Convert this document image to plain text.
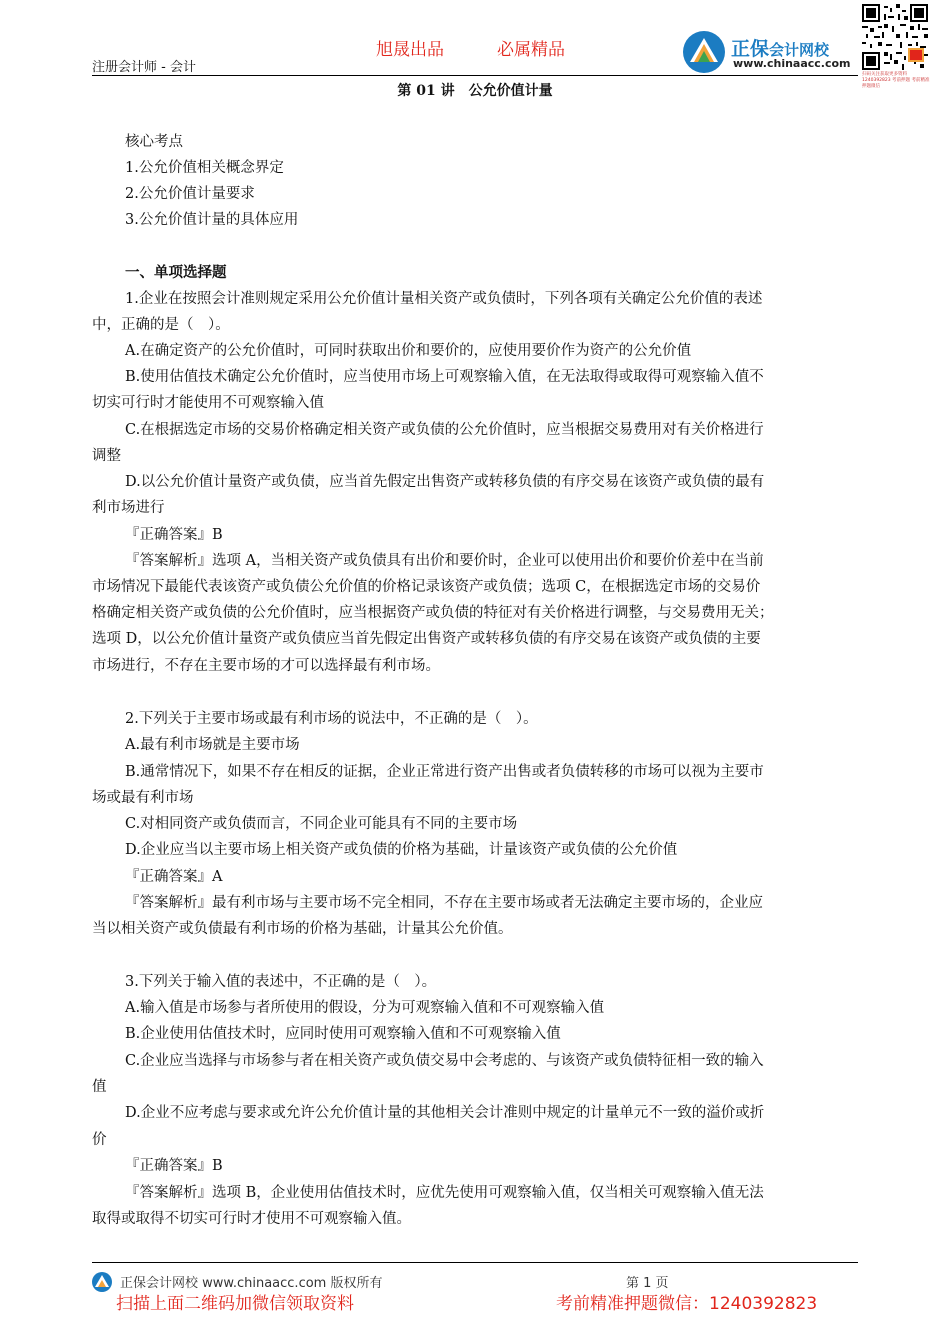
注册会计师 - 会计
旭晟出品	必属精品	正保会计网校
www.chinaacc.com
扫码关注获取更多资料 1240392823 考前押题 考前精准押题微信
第 01 讲　公允价值计量

核心考点

1.公允价值相关概念界定

2.公允价值计量要求

3.公允价值计量的具体应用

一、单项选择题

1.企业在按照会计准则规定采用公允价值计量相关资产或负债时，下列各项有关确定公允价值的表述

中，正确的是（　）。

A.在确定资产的公允价值时，可同时获取出价和要价的，应使用要价作为资产的公允价值

B.使用估值技术确定公允价值时，应当使用市场上可观察输入值，在无法取得或取得可观察输入值不

切实可行时才能使用不可观察输入值

C.在根据选定市场的交易价格确定相关资产或负债的公允价值时，应当根据交易费用对有关价格进行

调整

D.以公允价值计量资产或负债，应当首先假定出售资产或转移负债的有序交易在该资产或负债的最有

利市场进行

『正确答案』B

『答案解析』选项 A，当相关资产或负债具有出价和要价时，企业可以使用出价和要价价差中在当前

市场情况下最能代表该资产或负债公允价值的价格记录该资产或负债；选项 C，在根据选定市场的交易价

格确定相关资产或负债的公允价值时，应当根据资产或负债的特征对有关价格进行调整，与交易费用无关；

选项 D，以公允价值计量资产或负债应当首先假定出售资产或转移负债的有序交易在该资产或负债的主要

市场进行，不存在主要市场的才可以选择最有利市场。

2.下列关于主要市场或最有利市场的说法中，不正确的是（　）。

A.最有利市场就是主要市场

B.通常情况下，如果不存在相反的证据，企业正常进行资产出售或者负债转移的市场可以视为主要市

场或最有利市场

C.对相同资产或负债而言，不同企业可能具有不同的主要市场

D.企业应当以主要市场上相关资产或负债的价格为基础，计量该资产或负债的公允价值

『正确答案』A

『答案解析』最有利市场与主要市场不完全相同，不存在主要市场或者无法确定主要市场的，企业应

当以相关资产或负债最有利市场的价格为基础，计量其公允价值。

3.下列关于输入值的表述中，不正确的是（　）。

A.输入值是市场参与者所使用的假设，分为可观察输入值和不可观察输入值

B.企业使用估值技术时，应同时使用可观察输入值和不可观察输入值

C.企业应当选择与市场参与者在相关资产或负债交易中会考虑的、与该资产或负债特征相一致的输入

值

D.企业不应考虑与要求或允许公允价值计量的其他相关会计准则中规定的计量单元不一致的溢价或折

价

『正确答案』B

『答案解析』选项 B，企业使用估值技术时，应优先使用可观察输入值，仅当相关可观察输入值无法

取得或取得不切实可行时才使用不可观察输入值。

正保会计网校 www.chinaacc.com 版权所有	第 1 页
扫描上面二维码加微信领取资料	考前精准押题微信：1240392823
